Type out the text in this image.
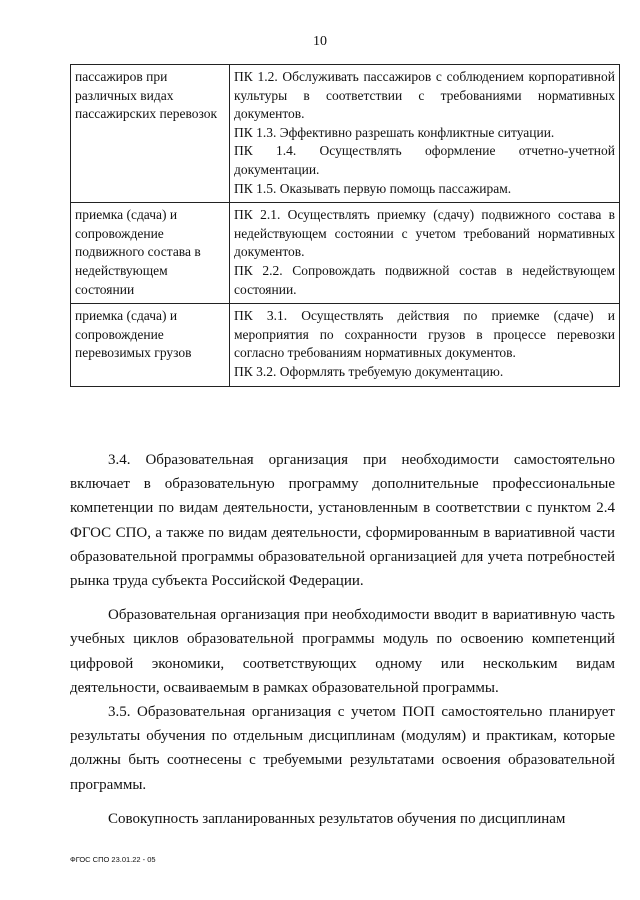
10
пассажиров при различных видах пассажирских перевозок	ПК 1.2. Обслуживать пассажиров с соблюдением корпоративной культуры в соответствии с требованиями нормативных документов.

ПК 1.3. Эффективно разрешать конфликтные ситуации.

ПК 1.4. Осуществлять оформление отчетно-учетной документации.

ПК 1.5. Оказывать первую помощь пассажирам.

приемка (сдача) и сопровождение подвижного состава в недействующем состоянии	ПК 2.1. Осуществлять приемку (сдачу) подвижного состава в недействующем состоянии с учетом требований нормативных документов.

ПК 2.2. Сопровождать подвижной состав в недействующем состоянии.

приемка (сдача) и сопровождение перевозимых грузов	ПК 3.1. Осуществлять действия по приемке (сдаче) и мероприятия по сохранности грузов в процессе перевозки согласно требованиям нормативных документов.

ПК 3.2. Оформлять требуемую документацию.

3.4. Образовательная организация при необходимости самостоятельно включает в образовательную программу дополнительные профессиональные компетенции по видам деятельности, установленным в соответствии с пунктом 2.4 ФГОС СПО, а также по видам деятельности, сформированным в вариативной части образовательной программы образовательной организацией для учета потребностей рынка труда субъекта Российской Федерации.

Образовательная организация при необходимости вводит в вариативную часть учебных циклов образовательной программы модуль по освоению компетенций цифровой экономики, соответствующих одному или нескольким видам деятельности, осваиваемым в рамках образовательной программы.

3.5. Образовательная организация с учетом ПОП самостоятельно планирует результаты обучения по отдельным дисциплинам (модулям) и практикам, которые должны быть соотнесены с требуемыми результатами освоения образовательной программы.

Совокупность запланированных результатов обучения по дисциплинам

ФГОС СПО 23.01.22 - 05
